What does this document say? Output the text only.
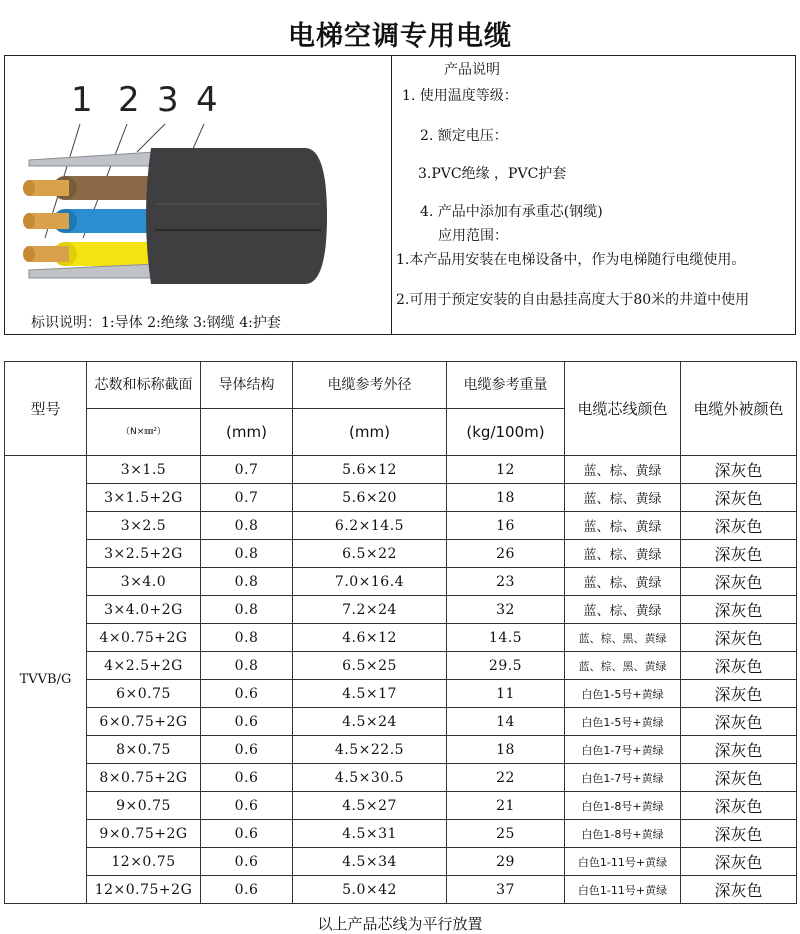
电梯空调专用电缆
1 2 3 4
标识说明：1:导体 2:绝缘 3:钢缆 4:护套
产品说明
1. 使用温度等级：
2. 额定电压：
3.PVC绝缘 ，PVC护套
4. 产品中添加有承重芯(钢缆)
应用范围：
1.本产品用安装在电梯设备中，作为电梯随行电缆使用。
2.可用于预定安装的自由悬挂高度大于80米的井道中使用
型号	芯数和标称截面	导体结构	电缆参考外径	电缆参考重量	电缆芯线颜色	电缆外被颜色
	（N×㎜²）	(mm)	(mm)	(kg/100m)		
TVVB/G	3×1.5	0.7	5.6×12	12	蓝、棕、黄绿	深灰色
	3×1.5+2G	0.7	5.6×20	18	蓝、棕、黄绿	深灰色
	3×2.5	0.8	6.2×14.5	16	蓝、棕、黄绿	深灰色
	3×2.5+2G	0.8	6.5×22	26	蓝、棕、黄绿	深灰色
	3×4.0	0.8	7.0×16.4	23	蓝、棕、黄绿	深灰色
	3×4.0+2G	0.8	7.2×24	32	蓝、棕、黄绿	深灰色
	4×0.75+2G	0.8	4.6×12	14.5	蓝、棕、黑、黄绿	深灰色
	4×2.5+2G	0.8	6.5×25	29.5	蓝、棕、黑、黄绿	深灰色
	6×0.75	0.6	4.5×17	11	白色1-5号+黄绿	深灰色
	6×0.75+2G	0.6	4.5×24	14	白色1-5号+黄绿	深灰色
	8×0.75	0.6	4.5×22.5	18	白色1-7号+黄绿	深灰色
	8×0.75+2G	0.6	4.5×30.5	22	白色1-7号+黄绿	深灰色
	9×0.75	0.6	4.5×27	21	白色1-8号+黄绿	深灰色
	9×0.75+2G	0.6	4.5×31	25	白色1-8号+黄绿	深灰色
	12×0.75	0.6	4.5×34	29	白色1-11号+黄绿	深灰色
	12×0.75+2G	0.6	5.0×42	37	白色1-11号+黄绿	深灰色
以上产品芯线为平行放置
